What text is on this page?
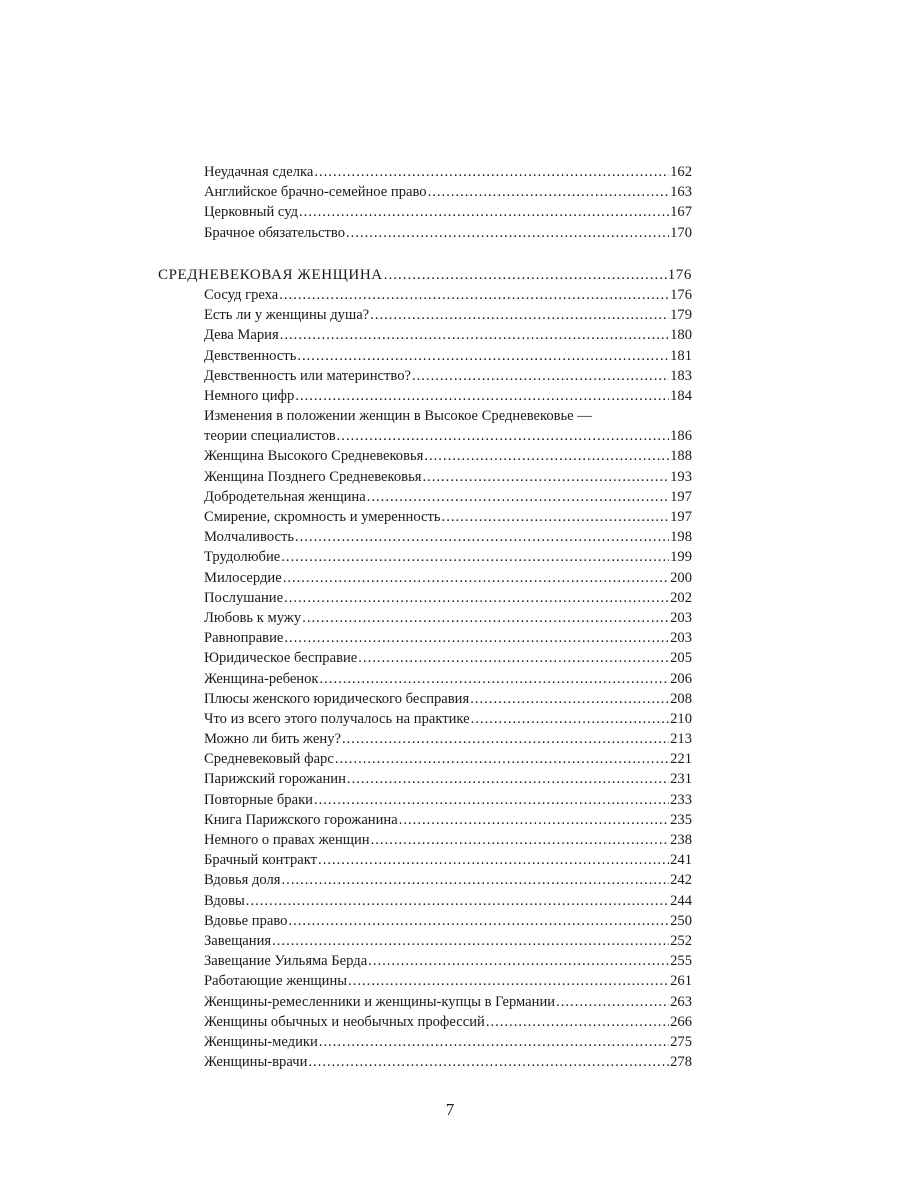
Неудачная сделка .....	162
Английское брачно-семейное право .....	163
Церковный суд .....	167
Брачное обязательство .....	170
СРЕДНЕВЕКОВАЯ ЖЕНЩИНА .....	176
Сосуд греха .....	176
Есть ли у женщины душа? .....	179
Дева Мария .....	180
Девственность .....	181
Девственность или материнство? .....	183
Немного цифр .....	184
Изменения в положении женщин в Высокое Средневековье —
теории специалистов .....	186
Женщина Высокого Средневековья .....	188
Женщина Позднего Средневековья .....	193
Добродетельная женщина .....	197
Смирение, скромность и умеренность .....	197
Молчаливость .....	198
Трудолюбие .....	199
Милосердие .....	200
Послушание .....	202
Любовь к мужу .....	203
Равноправие .....	203
Юридическое бесправие .....	205
Женщина-ребенок .....	206
Плюсы женского юридического бесправия .....	208
Что из всего этого получалось на практике .....	210
Можно ли бить жену? .....	213
Средневековый фарс .....	221
Парижский горожанин .....	231
Повторные браки .....	233
Книга Парижского горожанина .....	235
Немного о правах женщин .....	238
Брачный контракт .....	241
Вдовья доля .....	242
Вдовы .....	244
Вдовье право .....	250
Завещания .....	252
Завещание Уильяма Берда .....	255
Работающие женщины .....	261
Женщины-ремесленники и женщины-купцы в Германии .....	263
Женщины обычных и необычных профессий .....	266
Женщины-медики .....	275
Женщины-врачи .....	278
7
